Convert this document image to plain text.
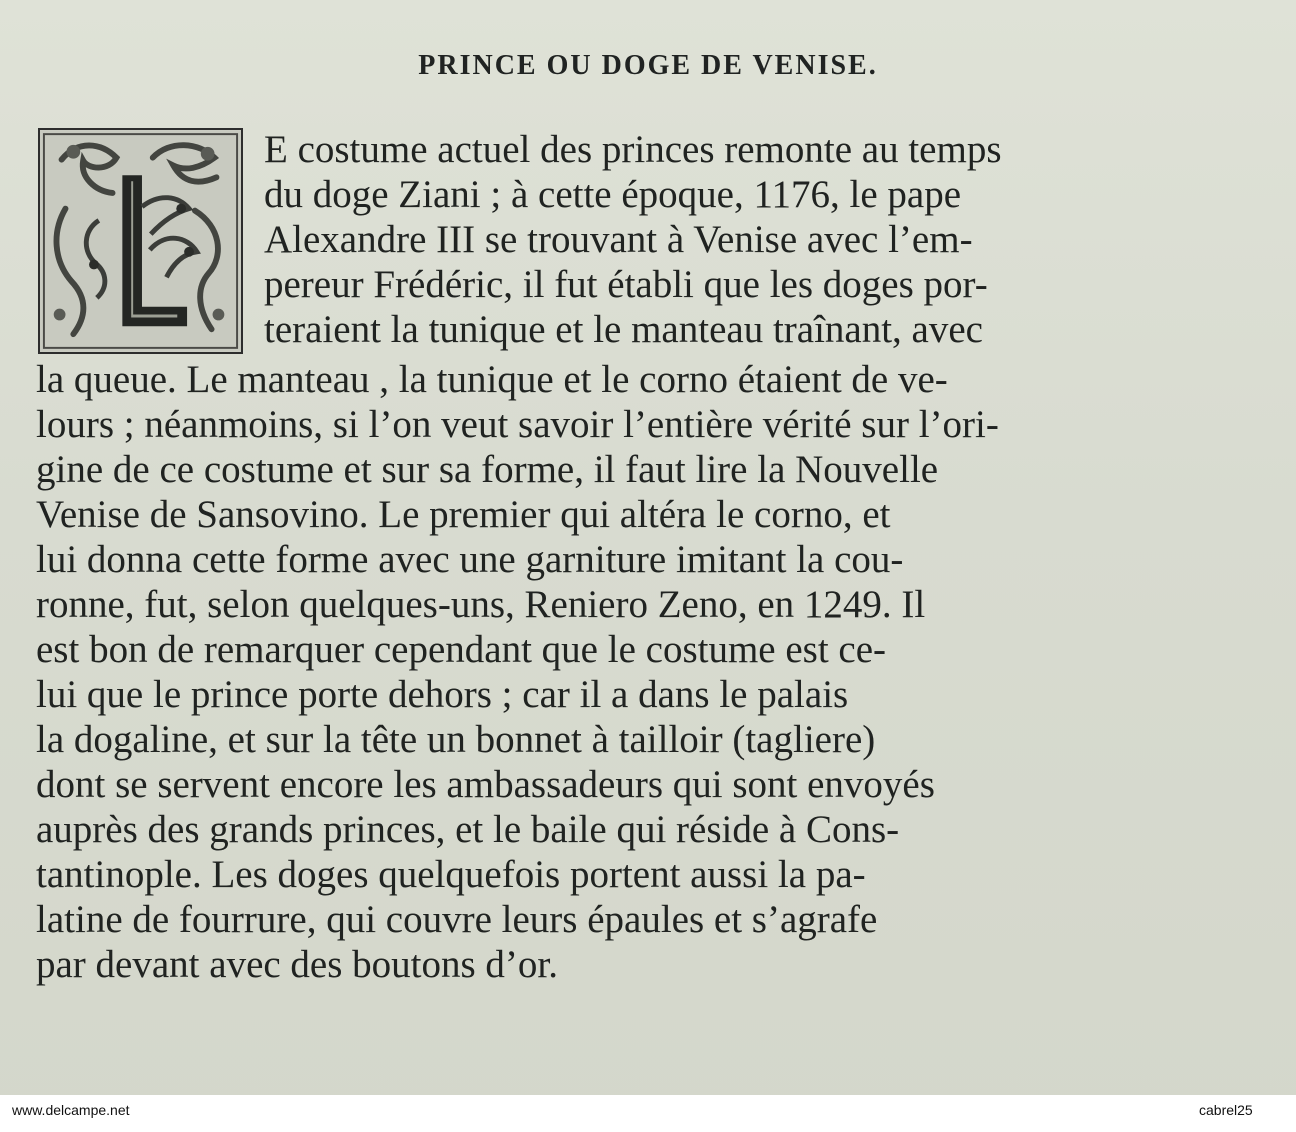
PRINCE OU DOGE DE VENISE.
E costume actuel des princes remonte au temps
du doge Ziani ; à cette époque, 1176, le pape
Alexandre III se trouvant à Venise avec l’em-
pereur Frédéric, il fut établi que les doges por-
teraient la tunique et le manteau traînant, avec
la queue. Le manteau , la tunique et le corno étaient de ve-
lours ; néanmoins, si l’on veut savoir l’entière vérité sur l’ori-
gine de ce costume et sur sa forme, il faut lire la Nouvelle
Venise de Sansovino. Le premier qui altéra le corno, et
lui donna cette forme avec une garniture imitant la cou-
ronne, fut, selon quelques-uns, Reniero Zeno, en 1249. Il
est bon de remarquer cependant que le costume est ce-
lui que le prince porte dehors ; car il a dans le palais
la dogaline, et sur la tête un bonnet à tailloir (tagliere)
dont se servent encore les ambassadeurs qui sont envoyés
auprès des grands princes, et le baile qui réside à Cons-
tantinople. Les doges quelquefois portent aussi la pa-
latine de fourrure, qui couvre leurs épaules et s’agrafe
par devant avec des boutons d’or.
www.delcampe.net	cabrel25
